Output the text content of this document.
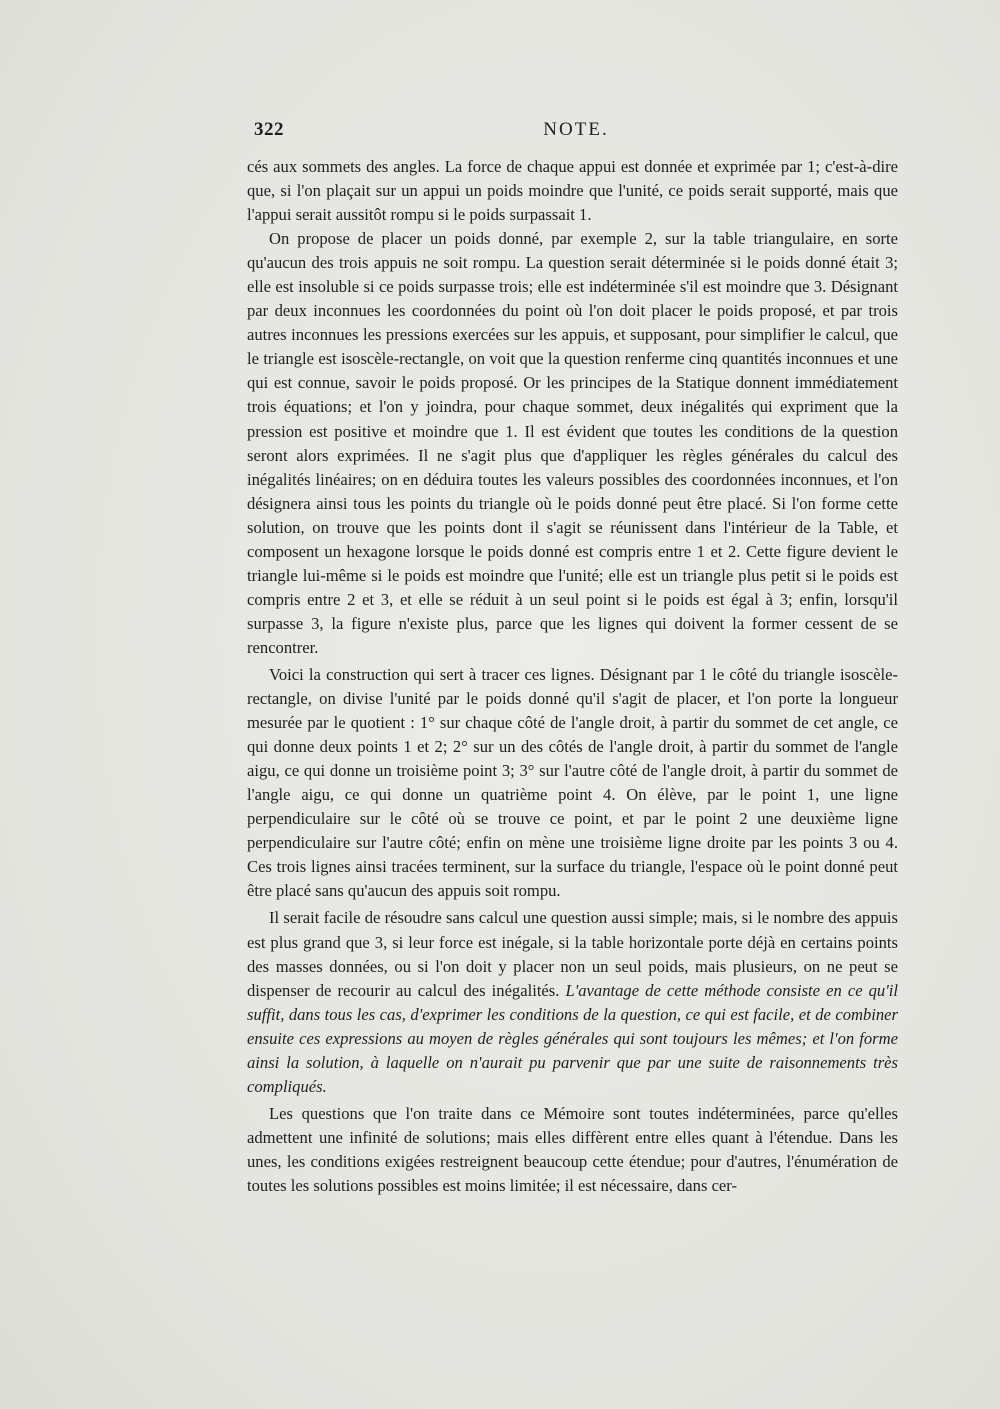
322	NOTE.

cés aux sommets des angles. La force de chaque appui est donnée et exprimée par 1; c'est-à-dire que, si l'on plaçait sur un appui un poids moindre que l'unité, ce poids serait supporté, mais que l'appui serait aussitôt rompu si le poids surpassait 1.

On propose de placer un poids donné, par exemple 2, sur la table triangulaire, en sorte qu'aucun des trois appuis ne soit rompu. La question serait déterminée si le poids donné était 3; elle est insoluble si ce poids surpasse trois; elle est indéterminée s'il est moindre que 3. Désignant par deux inconnues les coordonnées du point où l'on doit placer le poids proposé, et par trois autres inconnues les pressions exercées sur les appuis, et supposant, pour simplifier le calcul, que le triangle est isoscèle-rectangle, on voit que la question renferme cinq quantités inconnues et une qui est connue, savoir le poids proposé. Or les principes de la Statique donnent immédiatement trois équations; et l'on y joindra, pour chaque sommet, deux inégalités qui expriment que la pression est positive et moindre que 1. Il est évident que toutes les conditions de la question seront alors exprimées. Il ne s'agit plus que d'appliquer les règles générales du calcul des inégalités linéaires; on en déduira toutes les valeurs possibles des coordonnées inconnues, et l'on désignera ainsi tous les points du triangle où le poids donné peut être placé. Si l'on forme cette solution, on trouve que les points dont il s'agit se réunissent dans l'intérieur de la Table, et composent un hexagone lorsque le poids donné est compris entre 1 et 2. Cette figure devient le triangle lui-même si le poids est moindre que l'unité; elle est un triangle plus petit si le poids est compris entre 2 et 3, et elle se réduit à un seul point si le poids est égal à 3; enfin, lorsqu'il surpasse 3, la figure n'existe plus, parce que les lignes qui doivent la former cessent de se rencontrer.

Voici la construction qui sert à tracer ces lignes. Désignant par 1 le côté du triangle isoscèle-rectangle, on divise l'unité par le poids donné qu'il s'agit de placer, et l'on porte la longueur mesurée par le quotient : 1° sur chaque côté de l'angle droit, à partir du sommet de cet angle, ce qui donne deux points 1 et 2; 2° sur un des côtés de l'angle droit, à partir du sommet de l'angle aigu, ce qui donne un troisième point 3; 3° sur l'autre côté de l'angle droit, à partir du sommet de l'angle aigu, ce qui donne un quatrième point 4. On élève, par le point 1, une ligne perpendiculaire sur le côté où se trouve ce point, et par le point 2 une deuxième ligne perpendiculaire sur l'autre côté; enfin on mène une troisième ligne droite par les points 3 ou 4. Ces trois lignes ainsi tracées terminent, sur la surface du triangle, l'espace où le point donné peut être placé sans qu'aucun des appuis soit rompu.

Il serait facile de résoudre sans calcul une question aussi simple; mais, si le nombre des appuis est plus grand que 3, si leur force est inégale, si la table horizontale porte déjà en certains points des masses données, ou si l'on doit y placer non un seul poids, mais plusieurs, on ne peut se dispenser de recourir au calcul des inégalités. L'avantage de cette méthode consiste en ce qu'il suffit, dans tous les cas, d'exprimer les conditions de la question, ce qui est facile, et de combiner ensuite ces expressions au moyen de règles générales qui sont toujours les mêmes; et l'on forme ainsi la solution, à laquelle on n'aurait pu parvenir que par une suite de raisonnements très compliqués.

Les questions que l'on traite dans ce Mémoire sont toutes indéterminées, parce qu'elles admettent une infinité de solutions; mais elles diffèrent entre elles quant à l'étendue. Dans les unes, les conditions exigées restreignent beaucoup cette étendue; pour d'autres, l'énumération de toutes les solutions possibles est moins limitée; il est nécessaire, dans cer-
